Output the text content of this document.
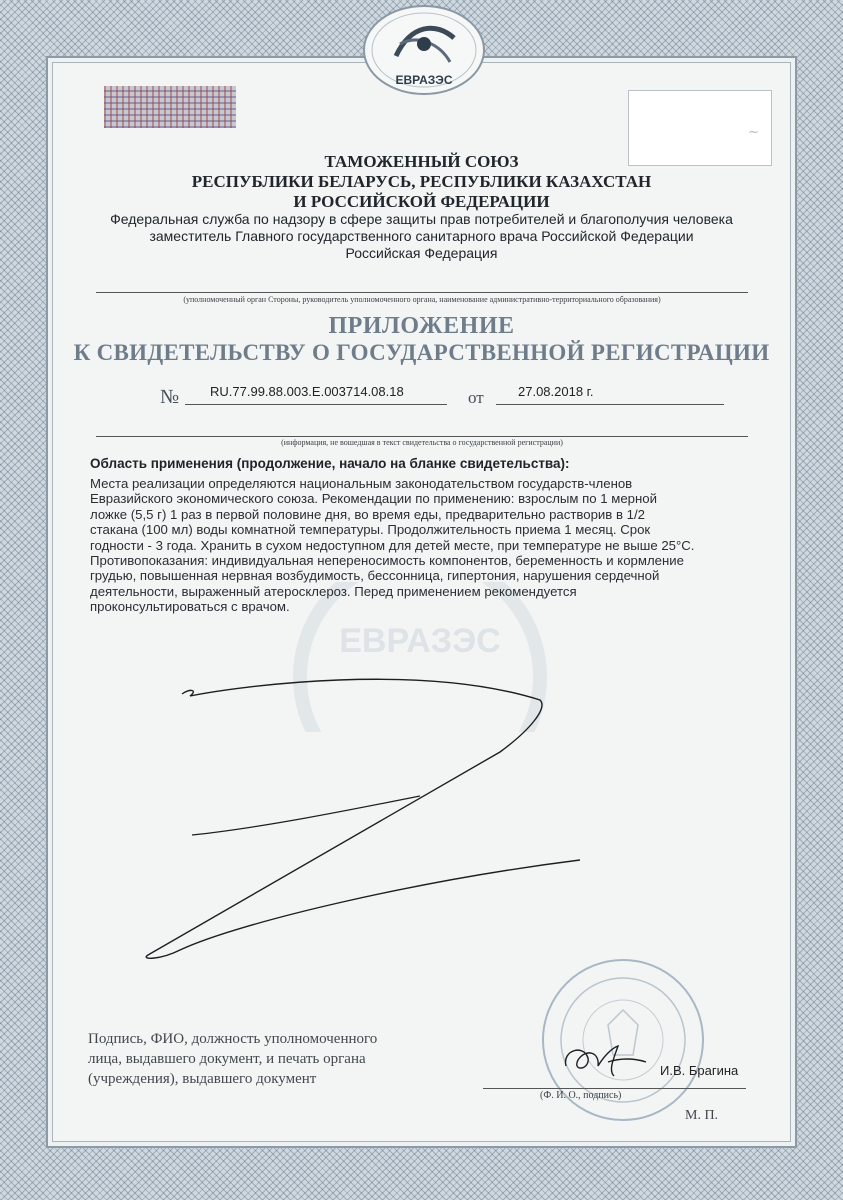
ЕВРАЗЭС
~
ТАМОЖЕННЫЙ СОЮЗ
РЕСПУБЛИКИ БЕЛАРУСЬ, РЕСПУБЛИКИ КАЗАХСТАН
И РОССИЙСКОЙ ФЕДЕРАЦИИ
Федеральная служба по надзору в сфере защиты прав потребителей и благополучия человека
заместитель Главного государственного санитарного врача Российской Федерации
Российская Федерация
(уполномоченный орган Стороны, руководитель уполномоченного органа, наименование административно-территориального образования)
ПРИЛОЖЕНИЕ
К СВИДЕТЕЛЬСТВУ О ГОСУДАРСТВЕННОЙ РЕГИСТРАЦИИ
№ RU.77.99.88.003.E.003714.08.18	от	27.08.2018 г.
(информация, не вошедшая в текст свидетельства о государственной регистрации)
ЕВРАЗЭС
Область применения (продолжение, начало на бланке свидетельства):

Места реализации определяются национальным законодательством государств-членов

Евразийского экономического союза. Рекомендации по применению: взрослым по 1 мерной

ложке (5,5 г) 1 раз в первой половине дня, во время еды, предварительно растворив в 1/2

стакана (100 мл) воды комнатной температуры. Продолжительность приема 1 месяц. Срок

годности - 3 года. Хранить в сухом недоступном для детей месте, при температуре не выше 25°С.

Противопоказания: индивидуальная непереносимость компонентов, беременность и кормление

грудью, повышенная нервная возбудимость, бессонница, гипертония, нарушения сердечной

деятельности, выраженный атеросклероз. Перед применением рекомендуется

проконсультироваться с врачом.

Подпись, ФИО, должность уполномоченного

лица, выдавшего документ, и печать органа

(учреждения), выдавшего документ

И.В. Брагина
(Ф. И. О., подпись)
М. П.
